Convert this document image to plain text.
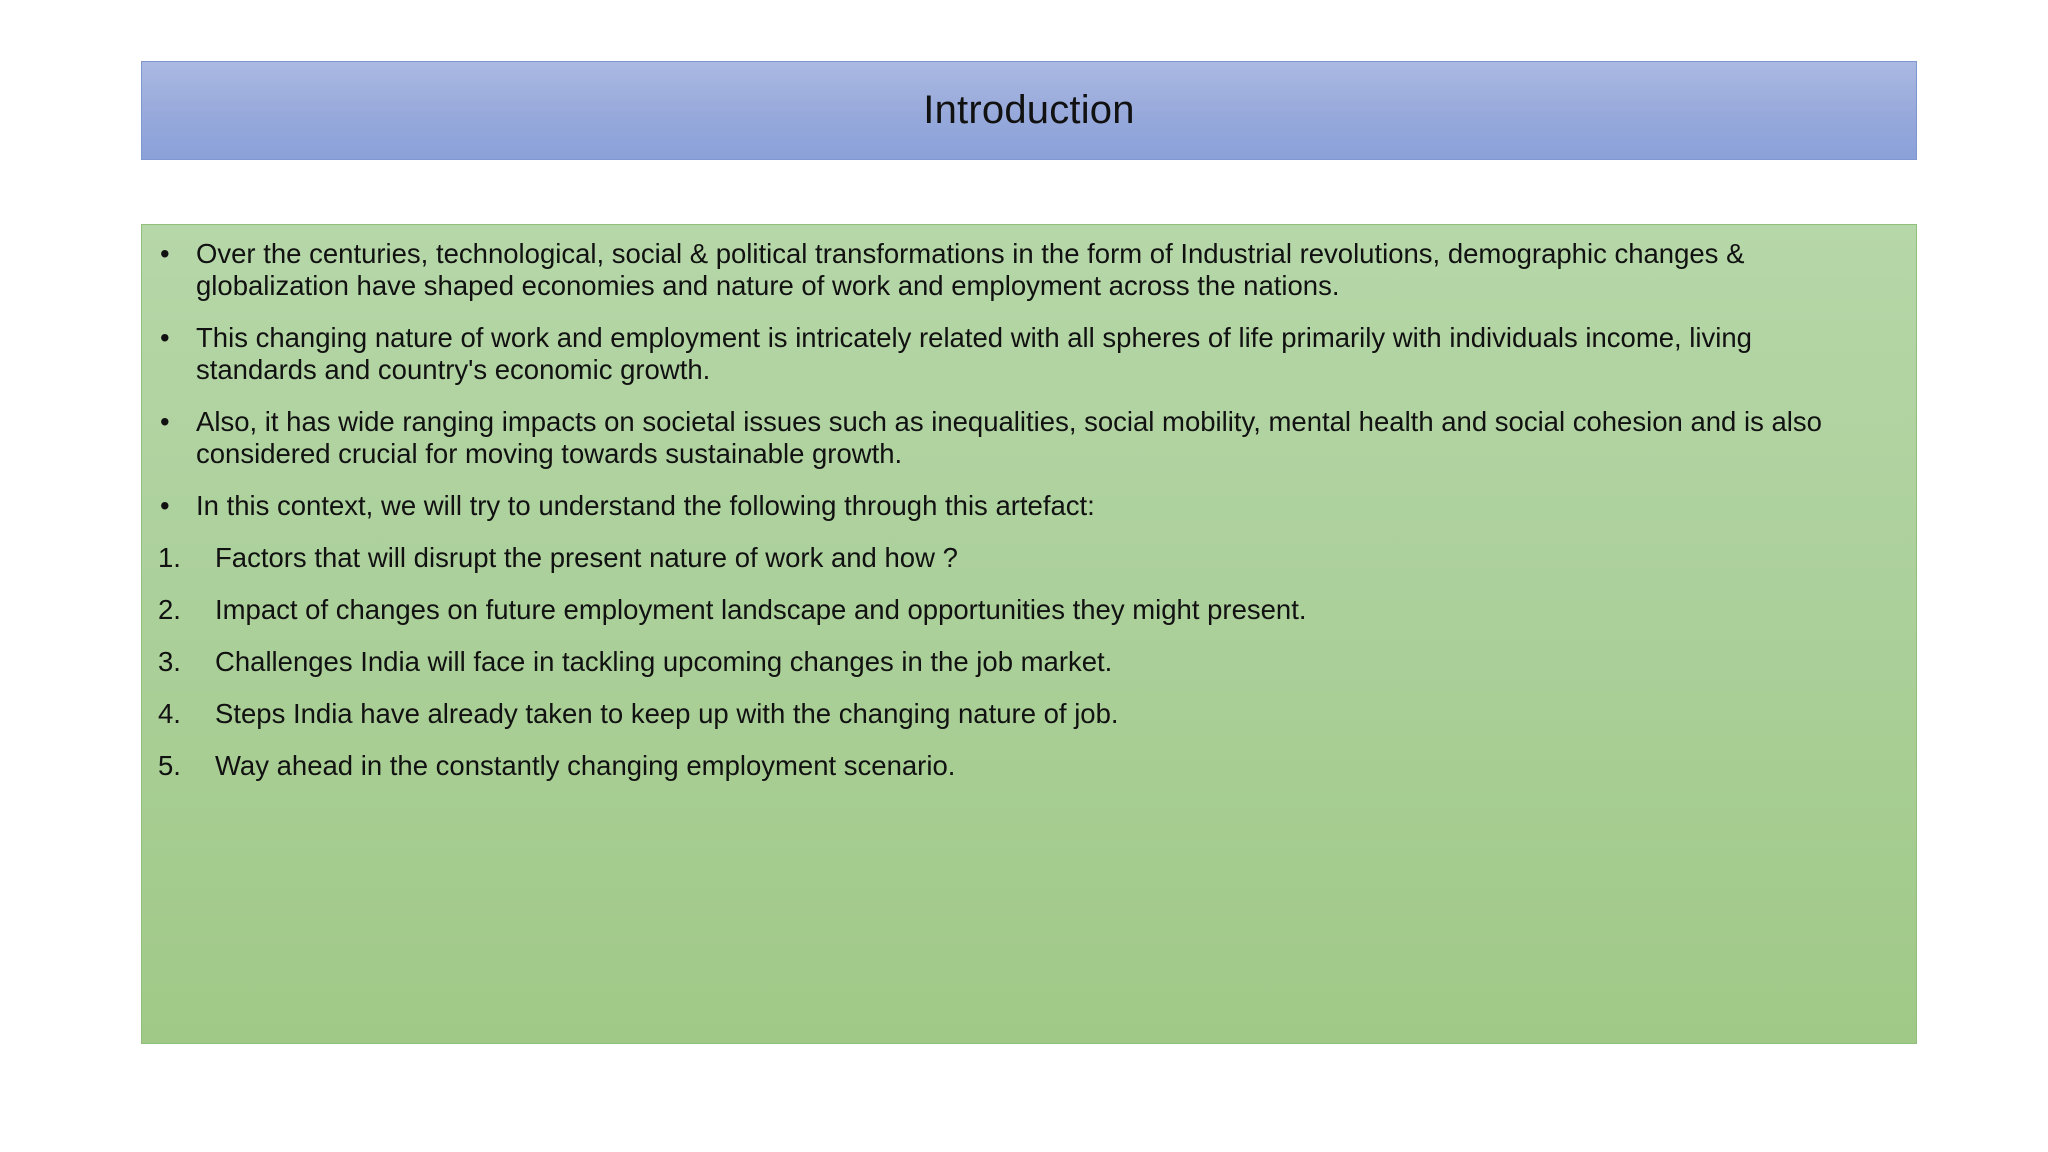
Introduction
• Over the centuries, technological, social & political transformations in the form of Industrial revolutions, demographic changes & globalization have shaped economies and nature of work and employment across the nations.
• This changing nature of work and employment is intricately related with all spheres of life primarily with individuals income, living standards and country's economic growth.
• Also, it has wide ranging impacts on societal issues such as inequalities, social mobility, mental health and social cohesion and is also considered crucial for moving towards sustainable growth.
• In this context, we will try to understand the following through this artefact:
1.	Factors that will disrupt the present nature of work and how ?
2.	Impact of changes on future employment landscape and opportunities they might present.
3.	Challenges India will face in tackling upcoming changes in the job market.
4.	Steps India have already taken to keep up with the changing nature of job.
5.	Way ahead in the constantly changing employment scenario.
